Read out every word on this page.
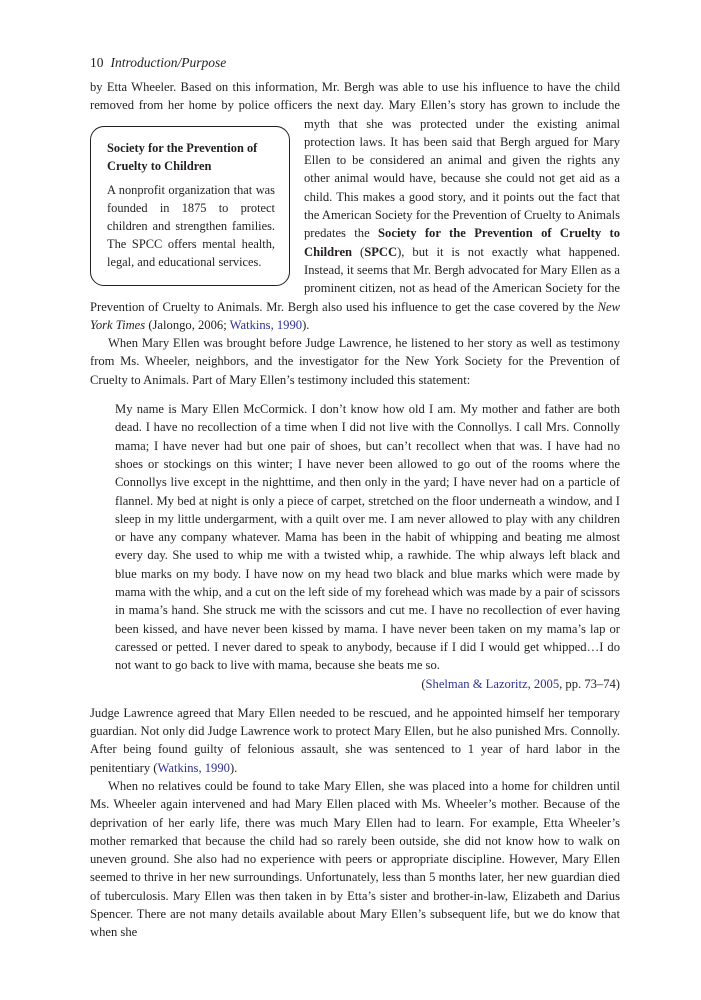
10 Introduction/Purpose

by Etta Wheeler. Based on this information, Mr. Bergh was able to use his influence to have the child removed from her home by police officers the next day. Mary Ellen’s story has grown to include the myth

Society for the Prevention of Cruelty to Children

A nonprofit organization that was founded in 1875 to protect children and strengthen families. The SPCC offers mental health, legal, and educational services.

that she was protected under the existing animal protection laws. It has been said that Bergh argued for Mary Ellen to be considered an animal and given the rights any other animal would have, because she could not get aid as a child. This makes a good story, and it points out the fact that the American Society for the Prevention of Cruelty to Animals predates the Society for the Prevention of Cruelty to Children (SPCC), but it is not exactly what happened. Instead, it seems that Mr. Bergh advocated for Mary Ellen as a prominent citizen, not as head of the American Society for the Prevention of Cruelty to Animals. Mr. Bergh also used his influence to get the case covered by the New York Times (Jalongo, 2006; Watkins, 1990).

When Mary Ellen was brought before Judge Lawrence, he listened to her story as well as testimony from Ms. Wheeler, neighbors, and the investigator for the New York Society for the Prevention of Cruelty to Animals. Part of Mary Ellen’s testimony included this statement:

My name is Mary Ellen McCormick. I don’t know how old I am. My mother and father are both dead. I have no recollection of a time when I did not live with the Connollys. I call Mrs. Connolly mama; I have never had but one pair of shoes, but can’t recollect when that was. I have had no shoes or stockings on this winter; I have never been allowed to go out of the rooms where the Connollys live except in the nighttime, and then only in the yard; I have never had on a particle of flannel. My bed at night is only a piece of carpet, stretched on the floor underneath a window, and I sleep in my little undergarment, with a quilt over me. I am never allowed to play with any children or have any company whatever. Mama has been in the habit of whipping and beating me almost every day. She used to whip me with a twisted whip, a rawhide. The whip always left black and blue marks on my body. I have now on my head two black and blue marks which were made by mama with the whip, and a cut on the left side of my forehead which was made by a pair of scissors in mama’s hand. She struck me with the scissors and cut me. I have no recollection of ever having been kissed, and have never been kissed by mama. I have never been taken on my mama’s lap or caressed or petted. I never dared to speak to anybody, because if I did I would get whipped…I do not want to go back to live with mama, because she beats me so.

(Shelman & Lazoritz, 2005, pp. 73–74)

Judge Lawrence agreed that Mary Ellen needed to be rescued, and he appointed himself her temporary guardian. Not only did Judge Lawrence work to protect Mary Ellen, but he also punished Mrs. Connolly. After being found guilty of felonious assault, she was sentenced to 1 year of hard labor in the penitentiary (Watkins, 1990).

When no relatives could be found to take Mary Ellen, she was placed into a home for children until Ms. Wheeler again intervened and had Mary Ellen placed with Ms. Wheeler’s mother. Because of the deprivation of her early life, there was much Mary Ellen had to learn. For example, Etta Wheeler’s mother remarked that because the child had so rarely been outside, she did not know how to walk on uneven ground. She also had no experience with peers or appropriate discipline. However, Mary Ellen seemed to thrive in her new surroundings. Unfortunately, less than 5 months later, her new guardian died of tuberculosis. Mary Ellen was then taken in by Etta’s sister and brother-in-law, Elizabeth and Darius Spencer. There are not many details available about Mary Ellen’s subsequent life, but we do know that when she
